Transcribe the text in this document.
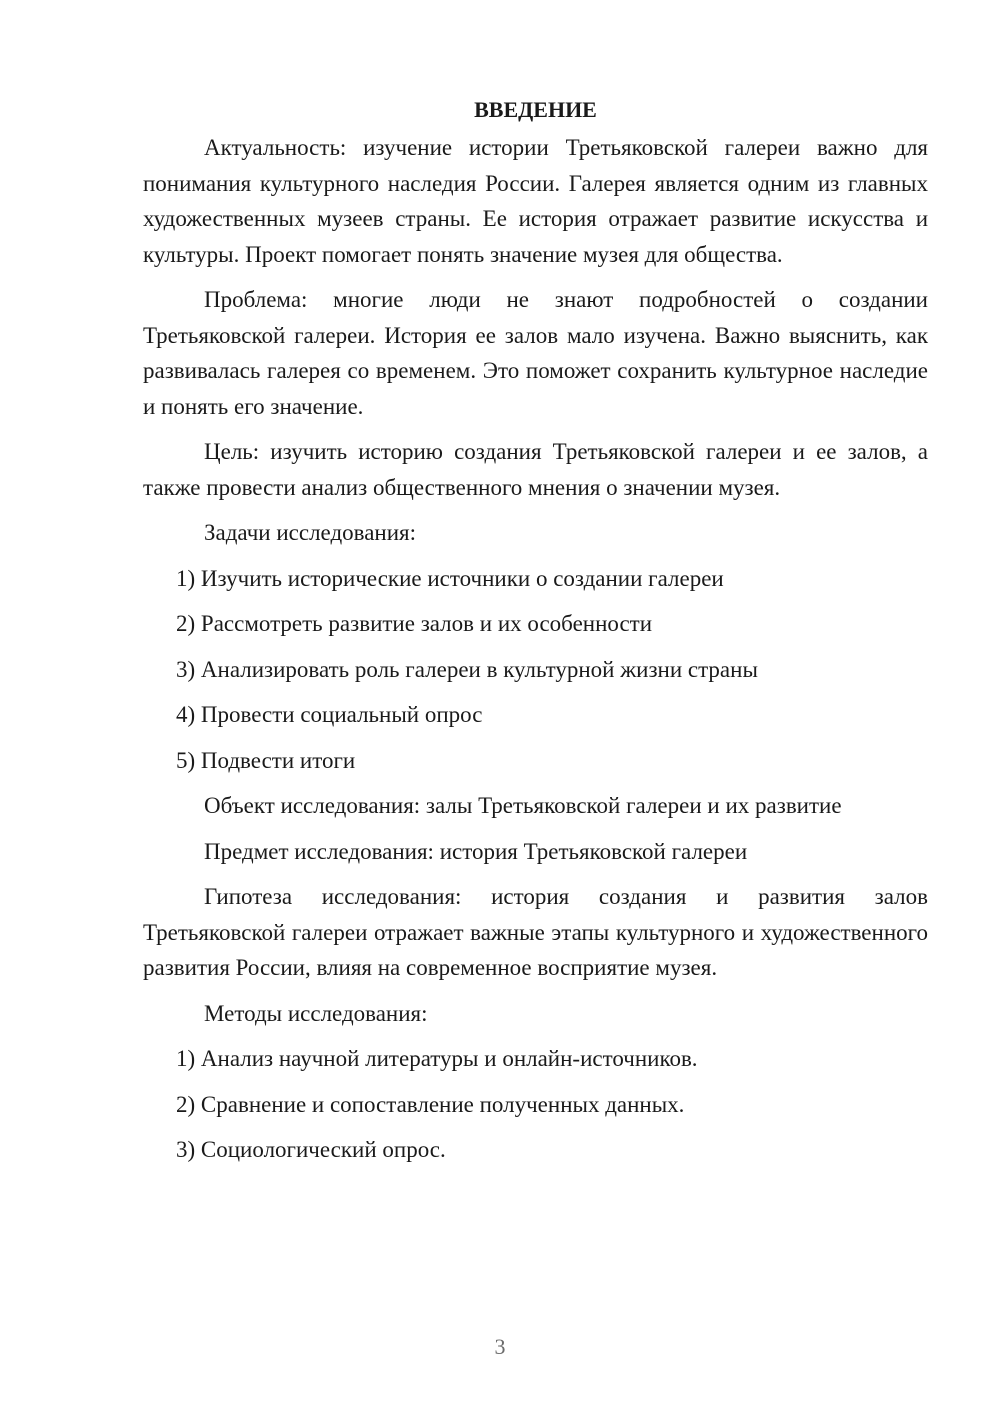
ВВЕДЕНИЕ

Актуальность: изучение истории Третьяковской галереи важно для понимания культурного наследия России. Галерея является одним из главных художественных музеев страны. Ее история отражает развитие искусства и культуры. Проект помогает понять значение музея для общества.

Проблема: многие люди не знают подробностей о создании Третьяковской галереи. История ее залов мало изучена. Важно выяснить, как развивалась галерея со временем. Это поможет сохранить культурное наследие и понять его значение.

Цель: изучить историю создания Третьяковской галереи и ее залов, а также провести анализ общественного мнения о значении музея.

Задачи исследования:

1) Изучить исторические источники о создании галереи
2) Рассмотреть развитие залов и их особенности
3) Анализировать роль галереи в культурной жизни страны
4) Провести социальный опрос
5) Подвести итоги

Объект исследования: залы Третьяковской галереи и их развитие

Предмет исследования: история Третьяковской галереи

Гипотеза исследования: история создания и развития залов Третьяковской галереи отражает важные этапы культурного и художественного развития России, влияя на современное восприятие музея.

Методы исследования:

1) Анализ научной литературы и онлайн-источников.
2) Сравнение и сопоставление полученных данных.
3) Социологический опрос.
3
